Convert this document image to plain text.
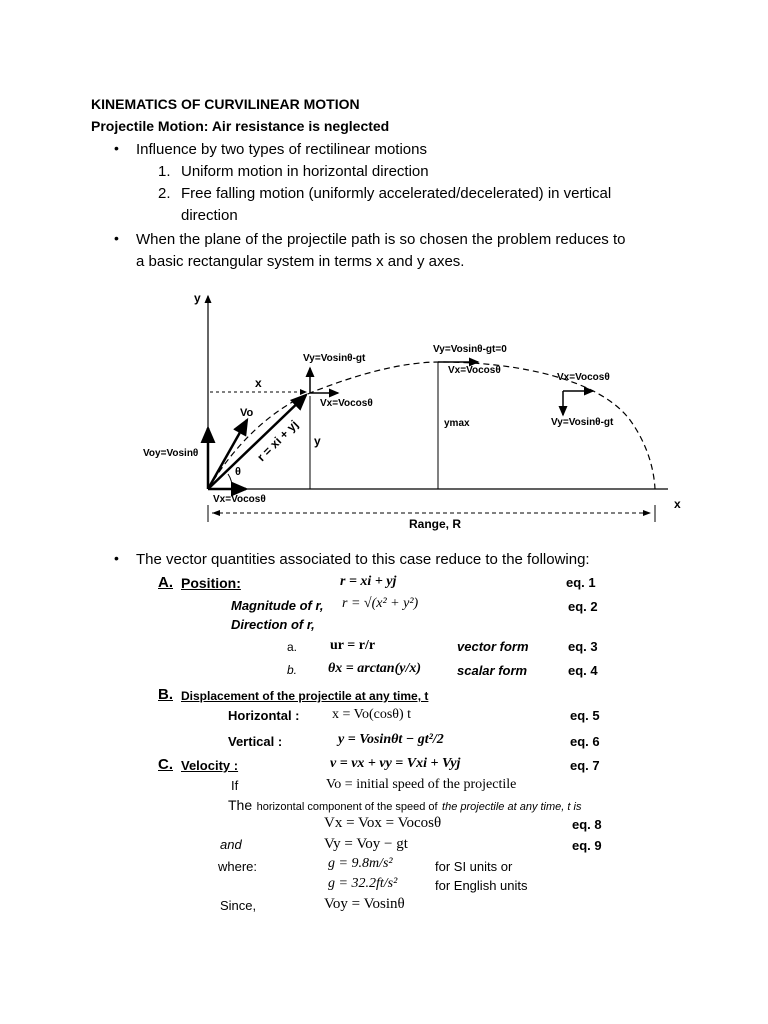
KINEMATICS OF CURVILINEAR MOTION
Projectile Motion: Air resistance is neglected
• Influence by two types of rectilinear motions
1. Uniform motion in horizontal direction
2. Free falling motion (uniformly accelerated/decelerated) in vertical
direction
• When the plane of the projectile path is so chosen the problem reduces to
a basic rectangular system in terms x and y axes.
y
x
Vo
r = xi + yj
Voy=Vosinθ
Vx=Vocosθ
θ
x
y
Vy=Vosinθ-gt
Vx=Vocosθ
Vy=Vosinθ-gt=0
Vx=Vocosθ
ymax
Vx=Vocosθ
Vy=Vosinθ-gt
Range, R
• The vector quantities associated to this case reduce to the following:
A. Position:	r = xi + yj	eq. 1
Magnitude of r, r = √(x² + y²)	eq. 2
Direction of r,
a. ur = r/r	vector form	eq. 3
b. θx = arctan(y/x)	scalar form	eq. 4
B. Displacement of the projectile at any time, t
Horizontal : x = Vo(cosθ) t	eq. 5
Vertical :	y = Vosinθt − gt²/2	eq. 6
C. Velocity :	v = vx + vy = Vxi + Vyj	eq. 7
If	Vo = initial speed of the projectile
The horizontal component of the speed of the projectile at any time, t is
Vx = Vox = Vocosθ	eq. 8
and	Vy = Voy − gt	eq. 9
where:	g = 9.8m/s²	for SI units or
g = 32.2ft/s²	for English units
Since,	Voy = Vosinθ
